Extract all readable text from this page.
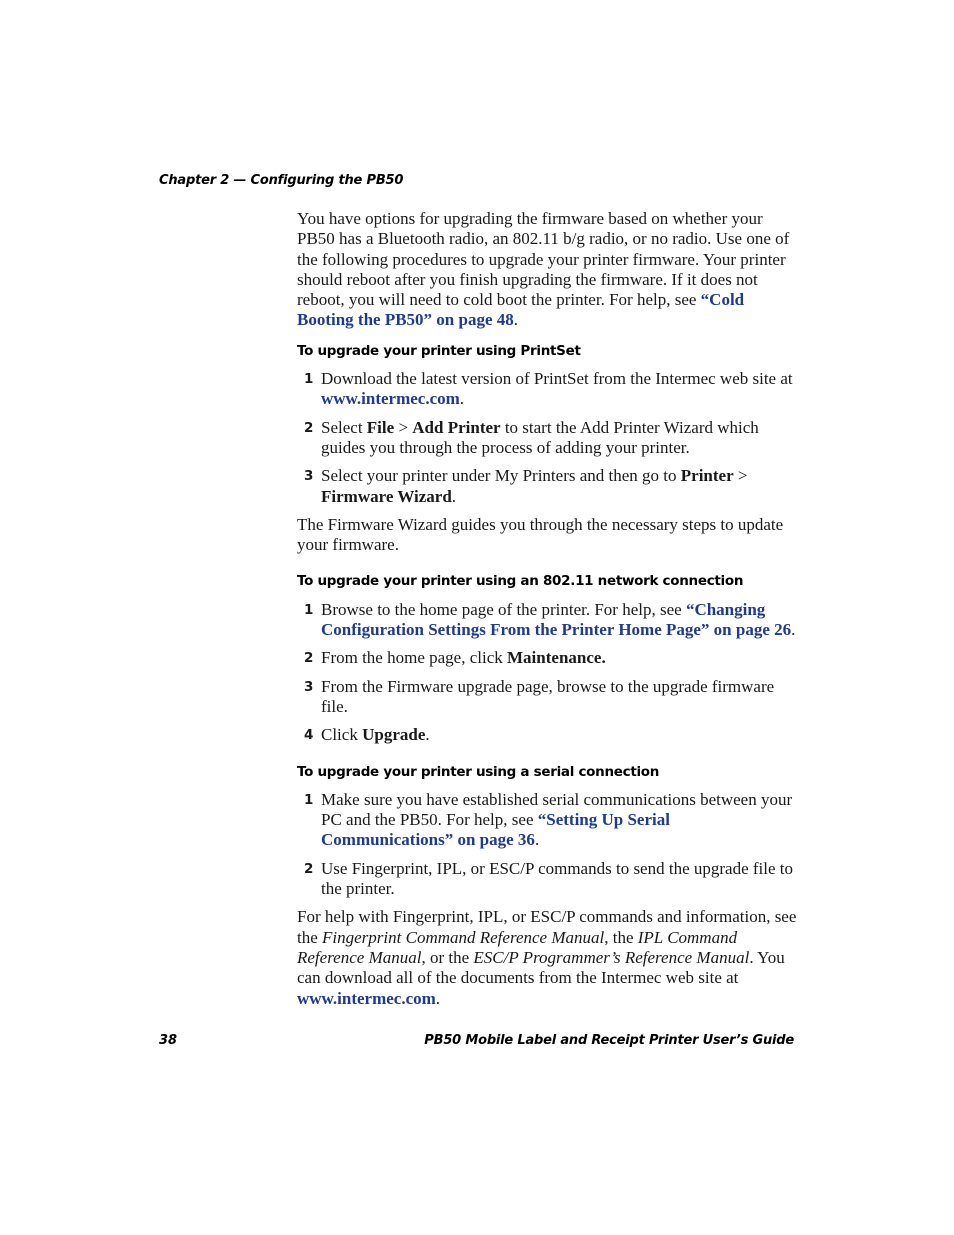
Chapter 2 — Configuring the PB50

You have options for upgrading the firmware based on whether your PB50 has a Bluetooth radio, an 802.11 b/g radio, or no radio. Use one of the following procedures to upgrade your printer firmware. Your printer should reboot after you finish upgrading the firmware. If it does not reboot, you will need to cold boot the printer. For help, see “Cold Booting the PB50” on page 48.

To upgrade your printer using PrintSet
1 Download the latest version of PrintSet from the Intermec web site at www.intermec.com.
2 Select File > Add Printer to start the Add Printer Wizard which guides you through the process of adding your printer.
3 Select your printer under My Printers and then go to Printer > Firmware Wizard.

The Firmware Wizard guides you through the necessary steps to update your firmware.

To upgrade your printer using an 802.11 network connection
1 Browse to the home page of the printer. For help, see “Changing Configuration Settings From the Printer Home Page” on page 26.
2 From the home page, click Maintenance.
3 From the Firmware upgrade page, browse to the upgrade firmware file.
4 Click Upgrade.
To upgrade your printer using a serial connection
1 Make sure you have established serial communications between your PC and the PB50. For help, see “Setting Up Serial Communications” on page 36.
2 Use Fingerprint, IPL, or ESC/P commands to send the upgrade file to the printer.

For help with Fingerprint, IPL, or ESC/P commands and information, see the Fingerprint Command Reference Manual, the IPL Command Reference Manual, or the ESC/P Programmer’s Reference Manual. You can download all of the documents from the Intermec web site at www.intermec.com.

38	PB50 Mobile Label and Receipt Printer User’s Guide
